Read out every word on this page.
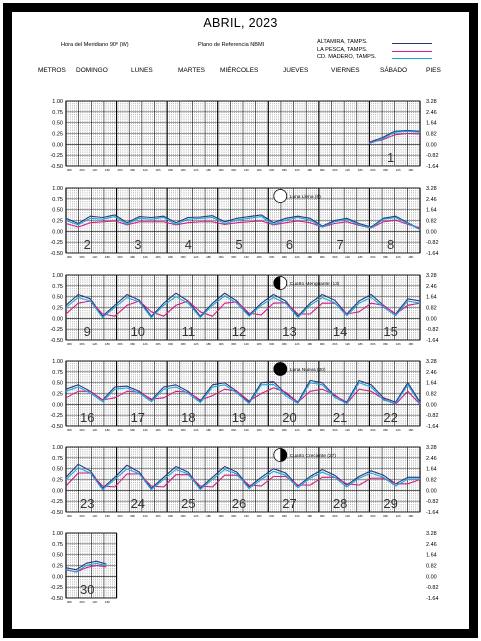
ABRIL, 2023
Hora del Meridiano 90º (W)	Plano de Referencia NBMI	ALTAMIRA, TAMPS.
LA PESCA, TAMPS.
CD. MADERO, TAMPS.
METROS DOMINGO	LUNES	MARTES MIÉRCOLES	JUEVES	VIERNES	SÁBADO	PIES
00h	06h	12h	18h	00h	06h	12h	18h	00h	06h	12h	18h	00h	06h	12h	18h	00h	06h	12h	18h	00h	06h	12h	18h	00h	06h	12h	18h
1.00
0.75
0.50
0.25
0.00
-0.25
-0.50
3.28
2.46
1.64
0.82
0.00
-0.82
-1.64
1
00h	06h	12h	18h	00h	06h	12h	18h	00h	06h	12h	18h	00h	06h	12h	18h	00h	06h	12h	18h	00h	06h	12h	18h	00h	06h	12h	18h
1.00
0.75
0.50
0.25
0.00
-0.25
-0.50
3.28
2.46
1.64
0.82
0.00
-0.82
-1.64
2	3	4	5	6	7	8
Luna Llena (6)
00h	06h	12h	18h	00h	06h	12h	18h	00h	06h	12h	18h	00h	06h	12h	18h	00h	06h	12h	18h	00h	06h	12h	18h	00h	06h	12h	18h
1.00
0.75
0.50
0.25
0.00
-0.25
-0.50
3.28
2.46
1.64
0.82
0.00
-0.82
-1.64
9	10	11	12	13	14	15
Cuarto Menguante (13)
00h	06h	12h	18h	00h	06h	12h	18h	00h	06h	12h	18h	00h	06h	12h	18h	00h	06h	12h	18h	00h	06h	12h	18h	00h	06h	12h	18h
1.00
0.75
0.50
0.25
0.00
-0.25
-0.50
3.28
2.46
1.64
0.82
0.00
-0.82
-1.64
16	17	18	19	20	21	22
Luna Nueva (20)
00h	06h	12h	18h	00h	06h	12h	18h	00h	06h	12h	18h	00h	06h	12h	18h	00h	06h	12h	18h	00h	06h	12h	18h	00h	06h	12h	18h
1.00
0.75
0.50
0.25
0.00
-0.25
-0.50
3.28
2.46
1.64
0.82
0.00
-0.82
-1.64
23	24	25	26	27	28	29
Cuarto Creciente (27)
00h	06h	12h	18h
1.00
0.75
0.50
0.25
0.00
-0.25
-0.50
3.28
2.46
1.64
0.82
0.00
-0.82
-1.64
30
